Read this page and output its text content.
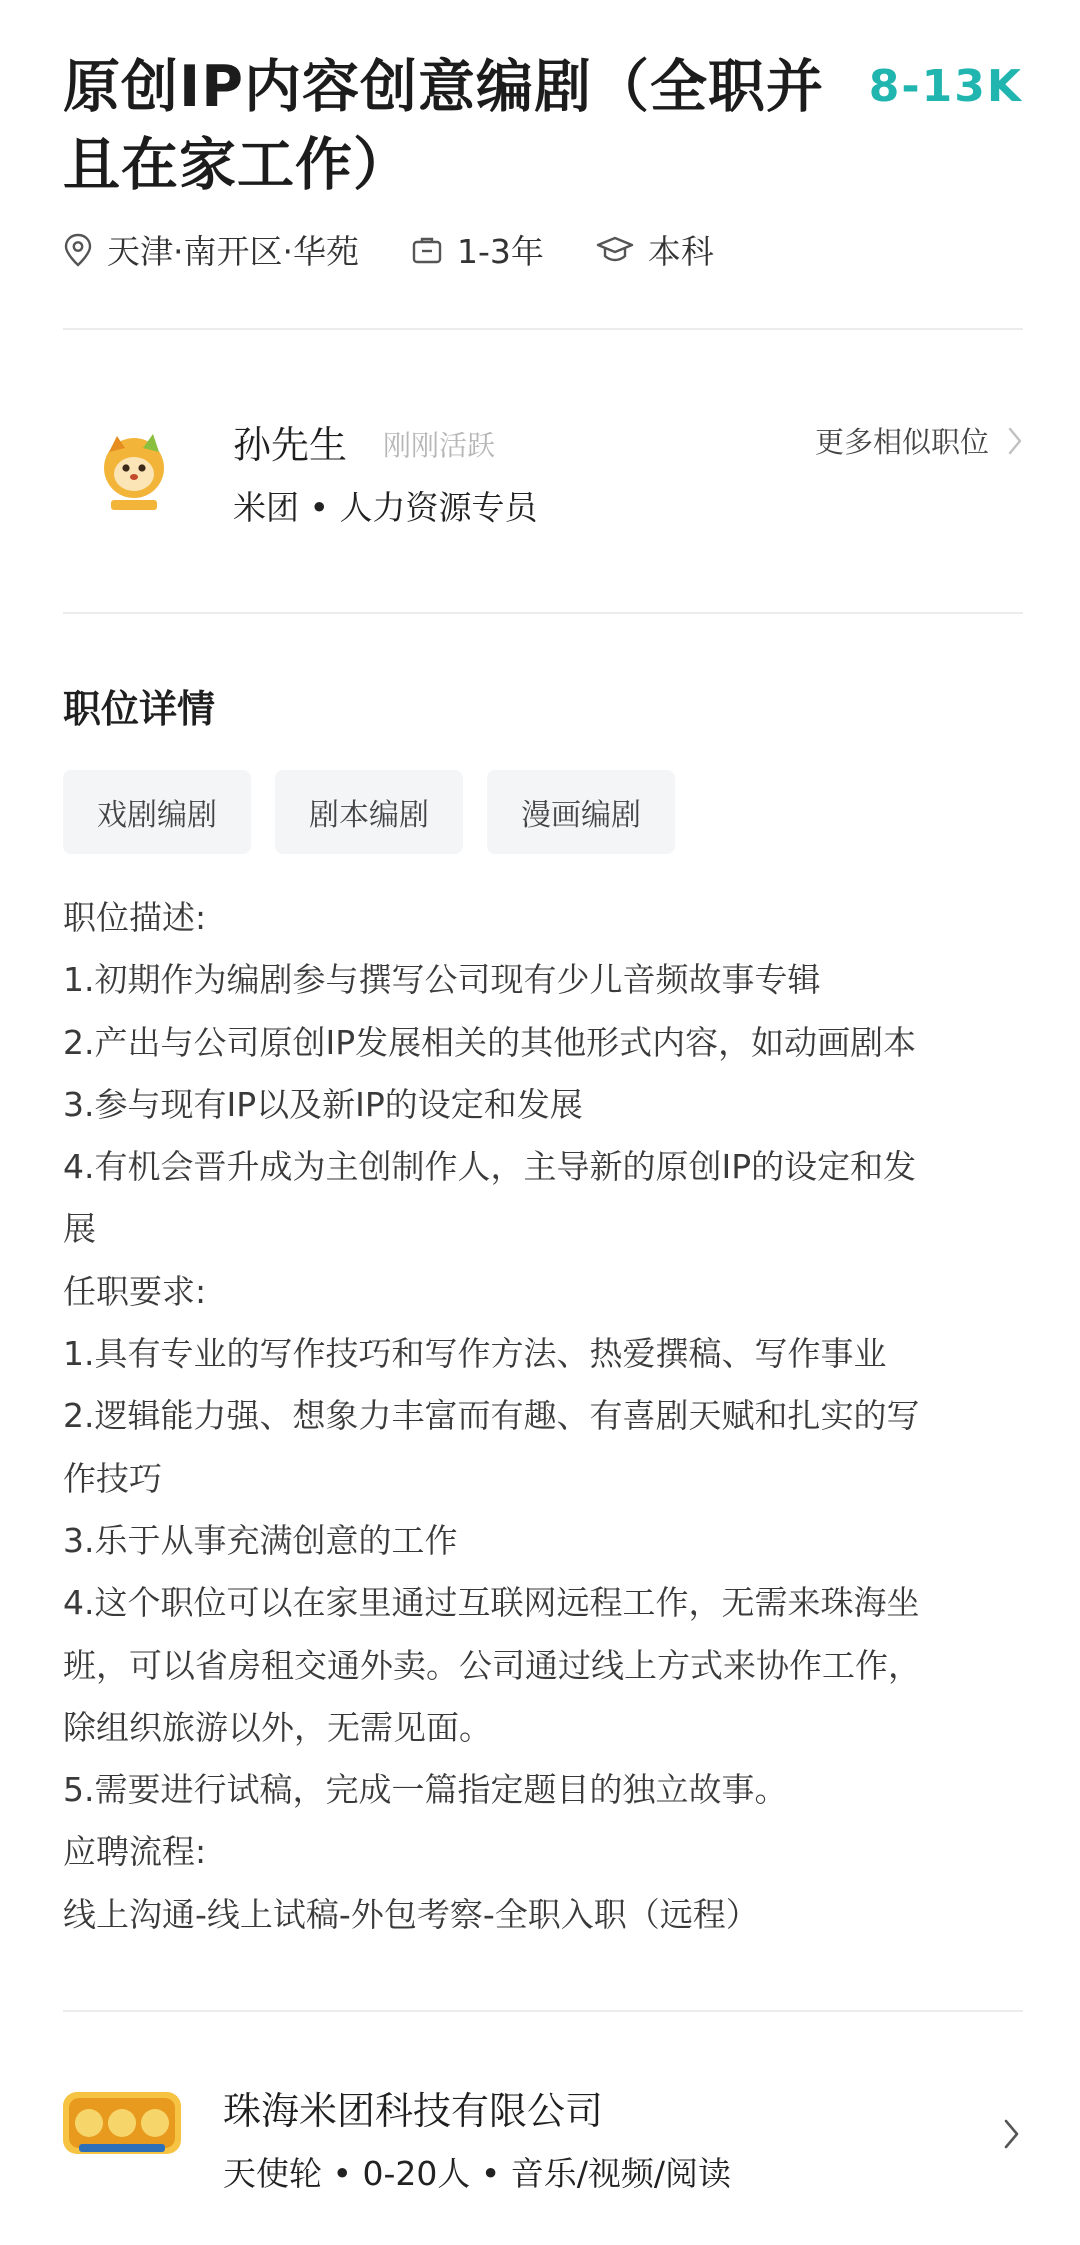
原创IP内容创意编剧（全职并且在家工作）
8-13K
天津·南开区·华苑	1-3年	本科
孙先生 刚刚活跃
米团 • 人力资源专员
更多相似职位
职位详情
戏剧编剧	剧本编剧	漫画编剧
职位描述:
1.初期作为编剧参与撰写公司现有少儿音频故事专辑
2.产出与公司原创IP发展相关的其他形式内容，如动画剧本
3.参与现有IP以及新IP的设定和发展
4.有机会晋升成为主创制作人，主导新的原创IP的设定和发
展
任职要求:
1.具有专业的写作技巧和写作方法、热爱撰稿、写作事业
2.逻辑能力强、想象力丰富而有趣、有喜剧天赋和扎实的写
作技巧
3.乐于从事充满创意的工作
4.这个职位可以在家里通过互联网远程工作，无需来珠海坐
班，可以省房租交通外卖。公司通过线上方式来协作工作，
除组织旅游以外，无需见面。
5.需要进行试稿，完成一篇指定题目的独立故事。
应聘流程:
线上沟通-线上试稿-外包考察-全职入职（远程）
珠海米团科技有限公司
天使轮 • 0-20人 • 音乐/视频/阅读
